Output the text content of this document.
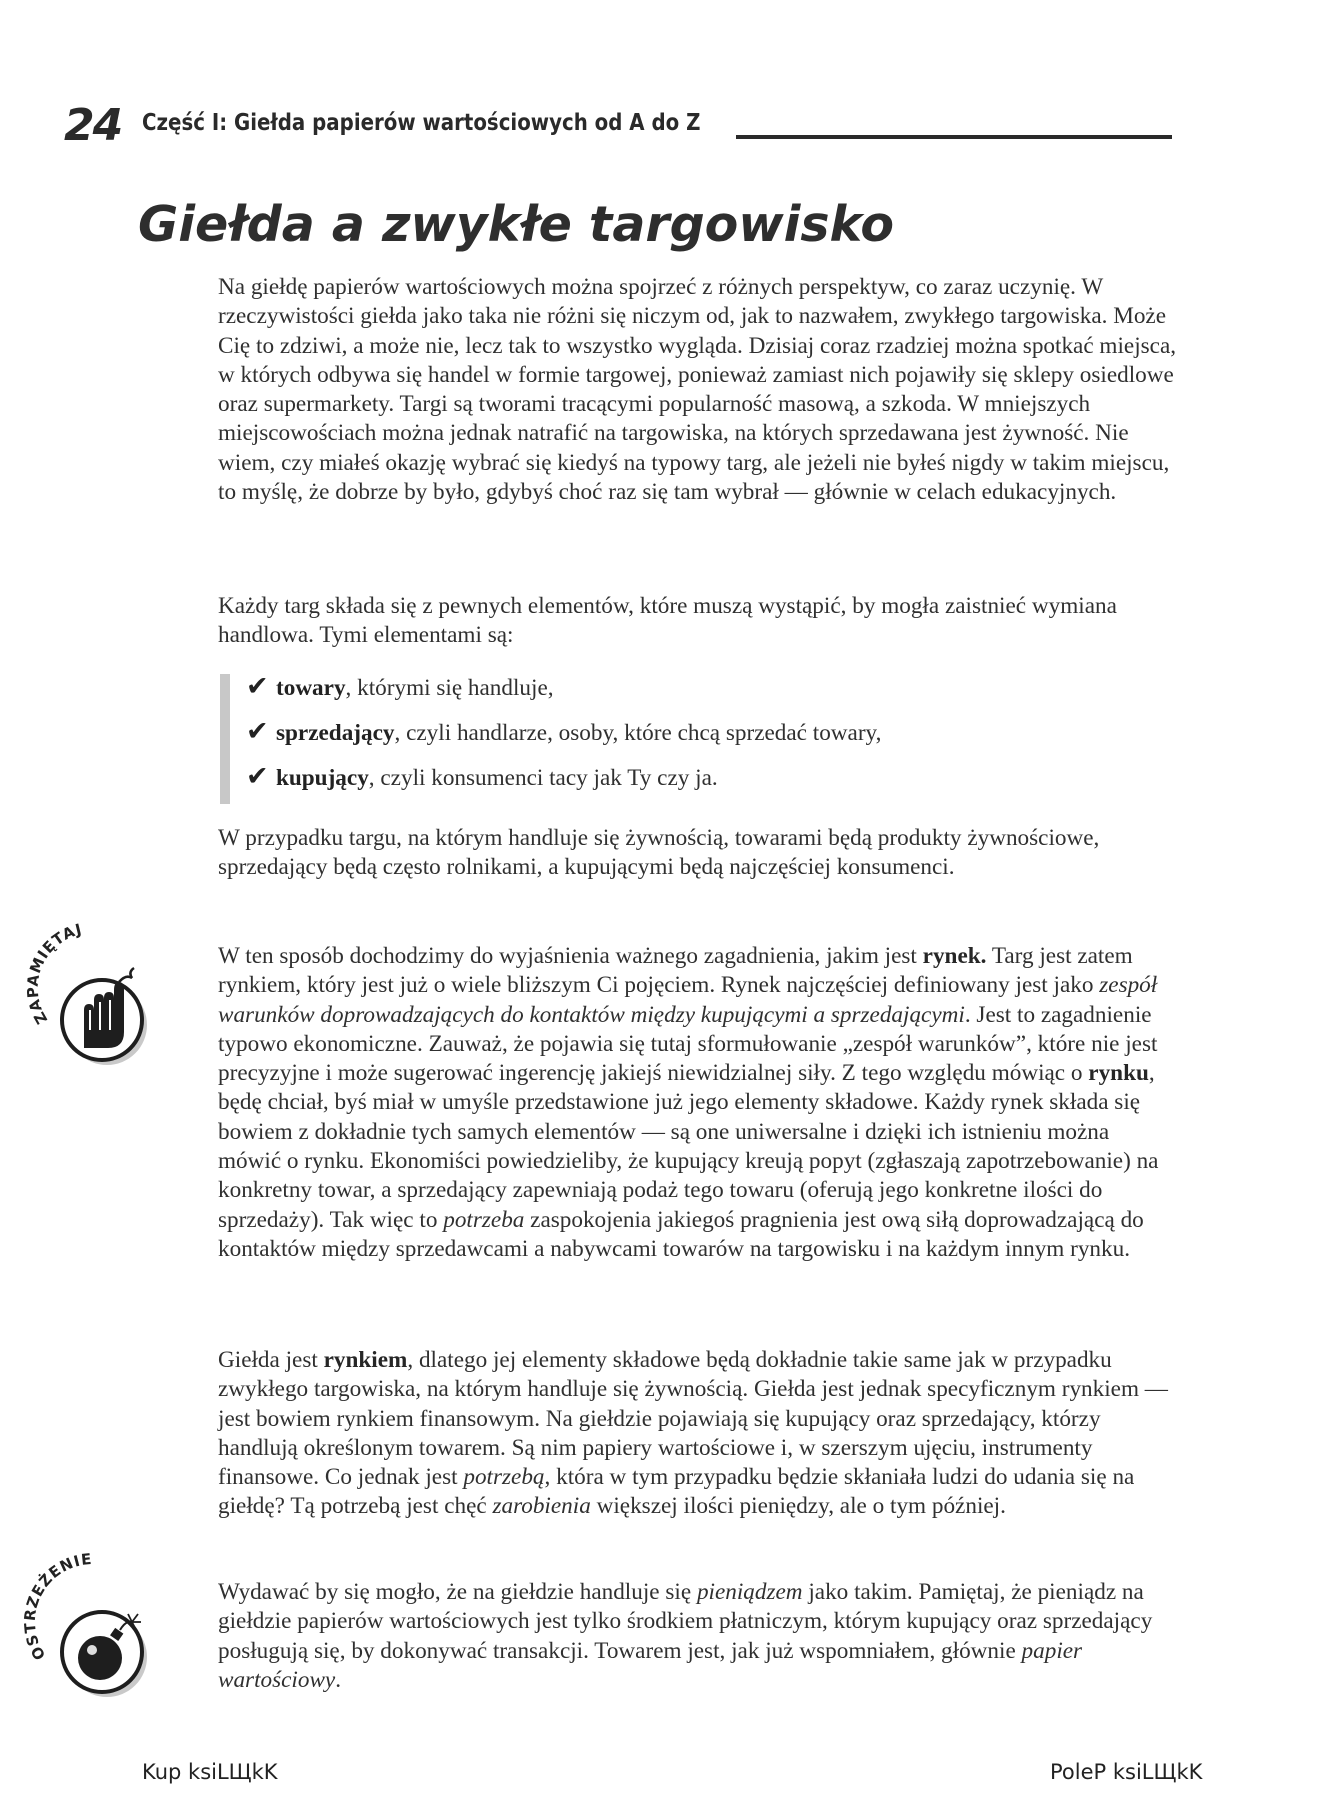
24 Część I: Giełda papierów wartościowych od A do Z
Giełda a zwykłe targowisko

Na giełdę papierów wartościowych można spojrzeć z różnych perspektyw, co zaraz uczynię. W rzeczywistości giełda jako taka nie różni się niczym od, jak to nazwałem, zwykłego targowiska. Może Cię to zdziwi, a może nie, lecz tak to wszystko wygląda. Dzisiaj coraz rzadziej można spotkać miejsca, w których odbywa się handel w formie targowej, ponieważ zamiast nich pojawiły się sklepy osiedlowe oraz supermarkety. Targi są tworami tracącymi popularność masową, a szkoda. W mniejszych miejscowościach można jednak natrafić na targowiska, na których sprzedawana jest żywność. Nie wiem, czy miałeś okazję wybrać się kiedyś na typowy targ, ale jeżeli nie byłeś nigdy w takim miejscu, to myślę, że dobrze by było, gdybyś choć raz się tam wybrał — głównie w celach edukacyjnych.

Każdy targ składa się z pewnych elementów, które muszą wystąpić, by mogła zaistnieć wymiana handlowa. Tymi elementami są:

✔ towary, którymi się handluje,
✔ sprzedający, czyli handlarze, osoby, które chcą sprzedać towary,
✔ kupujący, czyli konsumenci tacy jak Ty czy ja.

W przypadku targu, na którym handluje się żywnością, towarami będą produkty żywnościowe, sprzedający będą często rolnikami, a kupującymi będą najczęściej konsumenci.

ZAPAMIĘTAJ

W ten sposób dochodzimy do wyjaśnienia ważnego zagadnienia, jakim jest rynek. Targ jest zatem rynkiem, który jest już o wiele bliższym Ci pojęciem. Rynek najczęściej definiowany jest jako zespół warunków doprowadzających do kontaktów między kupującymi a sprzedającymi. Jest to zagadnienie typowo ekonomiczne. Zauważ, że pojawia się tutaj sformułowanie „zespół warunków”, które nie jest precyzyjne i może sugerować ingerencję jakiejś niewidzialnej siły. Z tego względu mówiąc o rynku, będę chciał, byś miał w umyśle przedstawione już jego elementy składowe. Każdy rynek składa się bowiem z dokładnie tych samych elementów — są one uniwersalne i dzięki ich istnieniu można mówić o rynku. Ekonomiści powiedzieliby, że kupujący kreują popyt (zgłaszają zapotrzebowanie) na konkretny towar, a sprzedający zapewniają podaż tego towaru (oferują jego konkretne ilości do sprzedaży). Tak więc to potrzeba zaspokojenia jakiegoś pragnienia jest ową siłą doprowadzającą do kontaktów między sprzedawcami a nabywcami towarów na targowisku i na każdym innym rynku.

Giełda jest rynkiem, dlatego jej elementy składowe będą dokładnie takie same jak w przypadku zwykłego targowiska, na którym handluje się żywnością. Giełda jest jednak specyficznym rynkiem — jest bowiem rynkiem finansowym. Na giełdzie pojawiają się kupujący oraz sprzedający, którzy handlują określonym towarem. Są nim papiery wartościowe i, w szerszym ujęciu, instrumenty finansowe. Co jednak jest potrzebą, która w tym przypadku będzie skłaniała ludzi do udania się na giełdę? Tą potrzebą jest chęć zarobienia większej ilości pieniędzy, ale o tym później.

OSTRZEŻENIE

Wydawać by się mogło, że na giełdzie handluje się pieniądzem jako takim. Pamiętaj, że pieniądz na giełdzie papierów wartościowych jest tylko środkiem płatniczym, którym kupujący oraz sprzedający posługują się, by dokonywać transakcji. Towarem jest, jak już wspomniałem, głównie papier wartościowy.

Kup ksiLЩkK	PoleP ksiLЩkK
